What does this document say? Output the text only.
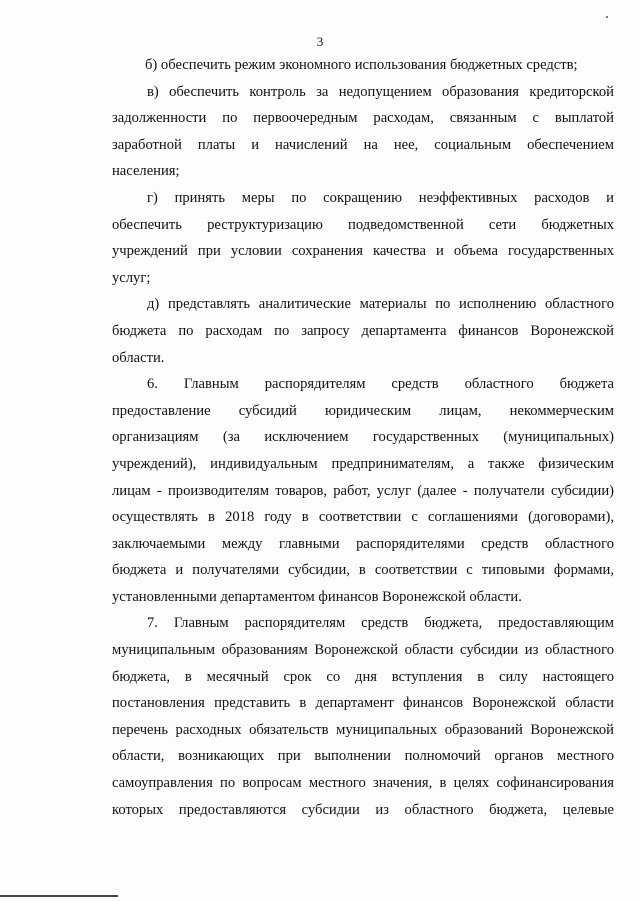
3
б) обеспечить режим экономного использования бюджетных средств;
в) обеспечить контроль за недопущением образования кредиторской
задолженности по первоочередным расходам, связанным с выплатой
заработной платы и начислений на нее, социальным обеспечением
населения;
г) принять меры по сокращению неэффективных расходов и
обеспечить реструктуризацию подведомственной сети бюджетных
учреждений при условии сохранения качества и объема государственных
услуг;
д) представлять аналитические материалы по исполнению областного
бюджета по расходам по запросу департамента финансов Воронежской
области.
6. Главным распорядителям средств областного бюджета
предоставление субсидий юридическим лицам, некоммерческим
организациям (за исключением государственных (муниципальных)
учреждений), индивидуальным предпринимателям, а также физическим
лицам - производителям товаров, работ, услуг (далее - получатели субсидии)
осуществлять в 2018 году в соответствии с соглашениями (договорами),
заключаемыми между главными распорядителями средств областного
бюджета и получателями субсидии, в соответствии с типовыми формами,
установленными департаментом финансов Воронежской области.
7. Главным распорядителям средств бюджета, предоставляющим
муниципальным образованиям Воронежской области субсидии из областного
бюджета, в месячный срок со дня вступления в силу настоящего
постановления представить в департамент финансов Воронежской области
перечень расходных обязательств муниципальных образований Воронежской
области, возникающих при выполнении полномочий органов местного
самоуправления по вопросам местного значения, в целях софинансирования
которых предоставляются субсидии из областного бюджета, целевые
